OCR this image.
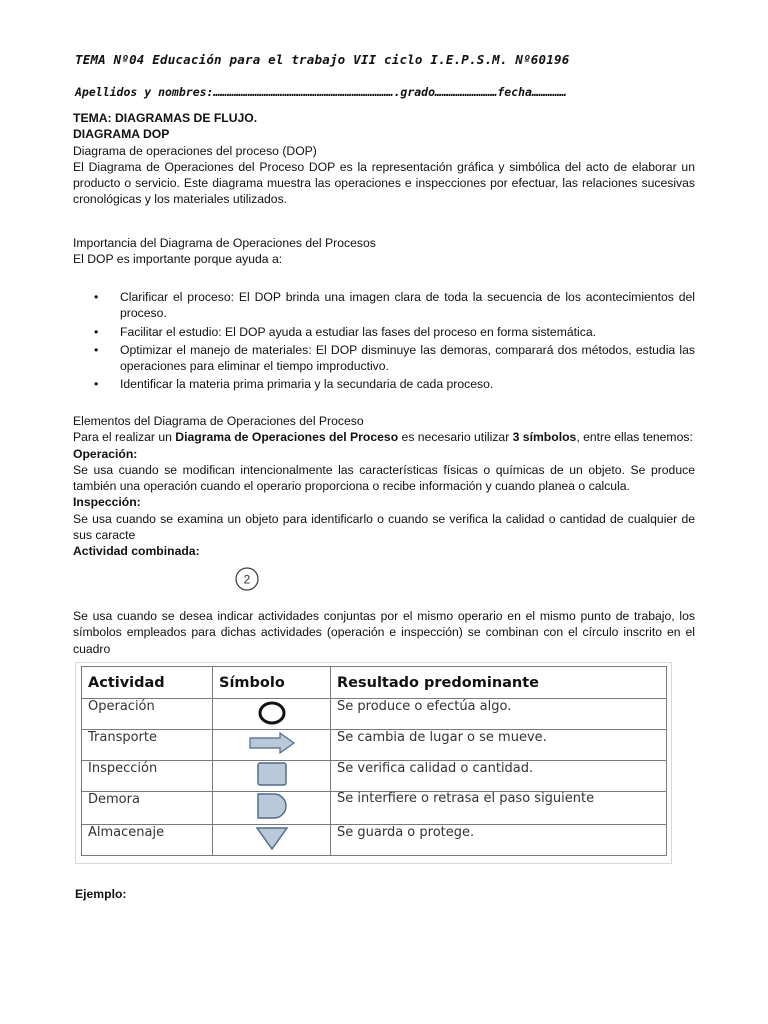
TEMA Nº04 Educación para el trabajo VII ciclo I.E.P.S.M. Nº60196
Apellidos y nombres:…………………………………………………………………….grado………………………fecha……………

TEMA: DIAGRAMAS DE FLUJO.

DIAGRAMA DOP

Diagrama de operaciones del proceso (DOP)

El Diagrama de Operaciones del Proceso DOP es la representación gráfica y simbólica del acto de elaborar un producto o servicio. Este diagrama muestra las operaciones e inspecciones por efectuar, las relaciones sucesivas cronológicas y los materiales utilizados.

Importancia del Diagrama de Operaciones del Procesos

El DOP es importante porque ayuda a:

• Clarificar el proceso: El DOP brinda una imagen clara de toda la secuencia de los acontecimientos del proceso.
• Facilitar el estudio: El DOP ayuda a estudiar las fases del proceso en forma sistemática.
• Optimizar el manejo de materiales: El DOP disminuye las demoras, comparará dos métodos, estudia las operaciones para eliminar el tiempo improductivo.
• Identificar la materia prima primaria y la secundaria de cada proceso.

Elementos del Diagrama de Operaciones del Proceso

Para el realizar un Diagrama de Operaciones del Proceso es necesario utilizar 3 símbolos, entre ellas tenemos:

Operación:

Se usa cuando se modifican intencionalmente las características físicas o químicas de un objeto. Se produce también una operación cuando el operario proporciona o recibe información y cuando planea o calcula.

Inspección:

Se usa cuando se examina un objeto para identificarlo o cuando se verifica la calidad o cantidad de cualquier de sus caracte

Actividad combinada:

2
Se usa cuando se desea indicar actividades conjuntas por el mismo operario en el mismo punto de trabajo, los símbolos empleados para dichas actividades (operación e inspección) se combinan con el círculo inscrito en el cuadro
Actividad	Símbolo	Resultado predominante
Operación		Se produce o efectúa algo.
Transporte		Se cambia de lugar o se mueve.
Inspección		Se verifica calidad o cantidad.
Demora		Se interfiere o retrasa el paso siguiente
Almacenaje		Se guarda o protege.
Ejemplo:
